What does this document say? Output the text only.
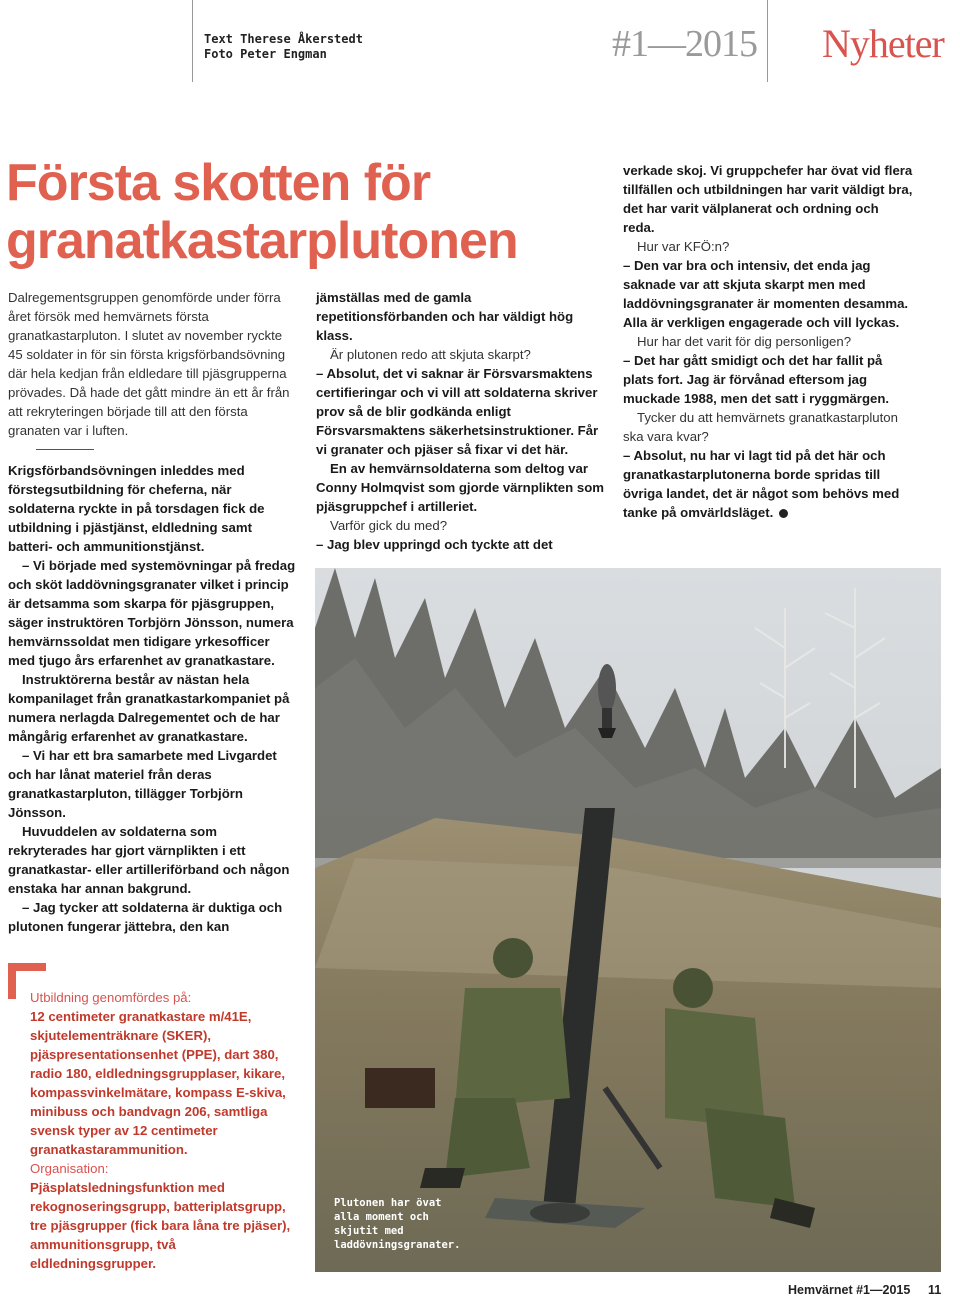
Text Therese Åkerstedt
Foto Peter Engman	#1—2015 Nyheter
Första skotten för
granatkastarplutonen

Dalregementsgruppen genomförde under förra året försök med hemvärnets första granatkastarpluton. I slutet av november ryckte 45 soldater in för sin första krigsförbandsövning där hela kedjan från eldledare till pjäsgrupperna prövades. Då hade det gått mindre än ett år från att rekryteringen började till att den första granaten var i luften.

Krigsförbandsövningen inleddes med förstegsutbildning för cheferna, när soldaterna ryckte in på torsdagen fick de utbildning i pjästjänst, eldledning samt batteri- och ammunitionstjänst.

– Vi började med systemövningar på fredag och sköt laddövningsgranater vilket i princip är detsamma som skarpa för pjäsgruppen, säger instruktören Torbjörn Jönsson, numera hemvärnssoldat men tidigare yrkesofficer med tjugo års erfarenhet av granatkastare.

Instruktörerna består av nästan hela kompanilaget från granatkastarkompaniet på numera nerlagda Dalregementet och de har mångårig erfarenhet av granatkastare.

– Vi har ett bra samarbete med Livgardet och har lånat materiel från deras granatkastarpluton, tillägger Torbjörn Jönsson.

Huvuddelen av soldaterna som rekryterades har gjort värnplikten i ett granatkastar- eller artilleriförband och någon enstaka har annan bakgrund.

– Jag tycker att soldaterna är duktiga och plutonen fungerar jättebra, den kan

jämställas med de gamla repetitionsförbanden och har väldigt hög klass.

Är plutonen redo att skjuta skarpt?

– Absolut, det vi saknar är Försvarsmaktens certifieringar och vi vill att soldaterna skriver prov så de blir godkända enligt Försvarsmaktens säkerhetsinstruktioner. Får vi granater och pjäser så fixar vi det här.

En av hemvärnsoldaterna som deltog var Conny Holmqvist som gjorde värnplikten som pjäsgruppchef i artilleriet.

Varför gick du med?

– Jag blev uppringd och tyckte att det

verkade skoj. Vi gruppchefer har övat vid flera tillfällen och utbildningen har varit väldigt bra, det har varit välplanerat och ordning och reda.

Hur var KFÖ:n?

– Den var bra och intensiv, det enda jag saknade var att skjuta skarpt men med laddövningsgranater är momenten desamma. Alla är verkligen engagerade och vill lyckas.

Hur har det varit för dig personligen?

– Det har gått smidigt och det har fallit på plats fort. Jag är förvånad eftersom jag muckade 1988, men det satt i ryggmärgen.

Tycker du att hemvärnets granatkastarpluton ska vara kvar?

– Absolut, nu har vi lagt tid på det här och granatkastarplutonerna borde spridas till övriga landet, det är något som behövs med tanke på omvärldsläget.

Utbildning genomfördes på:

12 centimeter granatkastare m/41E, skjutelementräknare (SKER), pjäspresentationsenhet (PPE), dart 380, radio 180, eldledningsgrupplaser, kikare, kompassvinkelmätare, kompass E-skiva, minibuss och bandvagn 206, samtliga svensk typer av 12 centimeter granatkastarammunition.

Organisation:

Pjäsplatsledningsfunktion med rekognoseringsgrupp, batteriplatsgrupp, tre pjäsgrupper (fick bara låna tre pjäser), ammunitionsgrupp, två eldledningsgrupper.

Plutonen har övat alla moment och skjutit med laddövningsgranater.
Hemvärnet #1—2015 11
